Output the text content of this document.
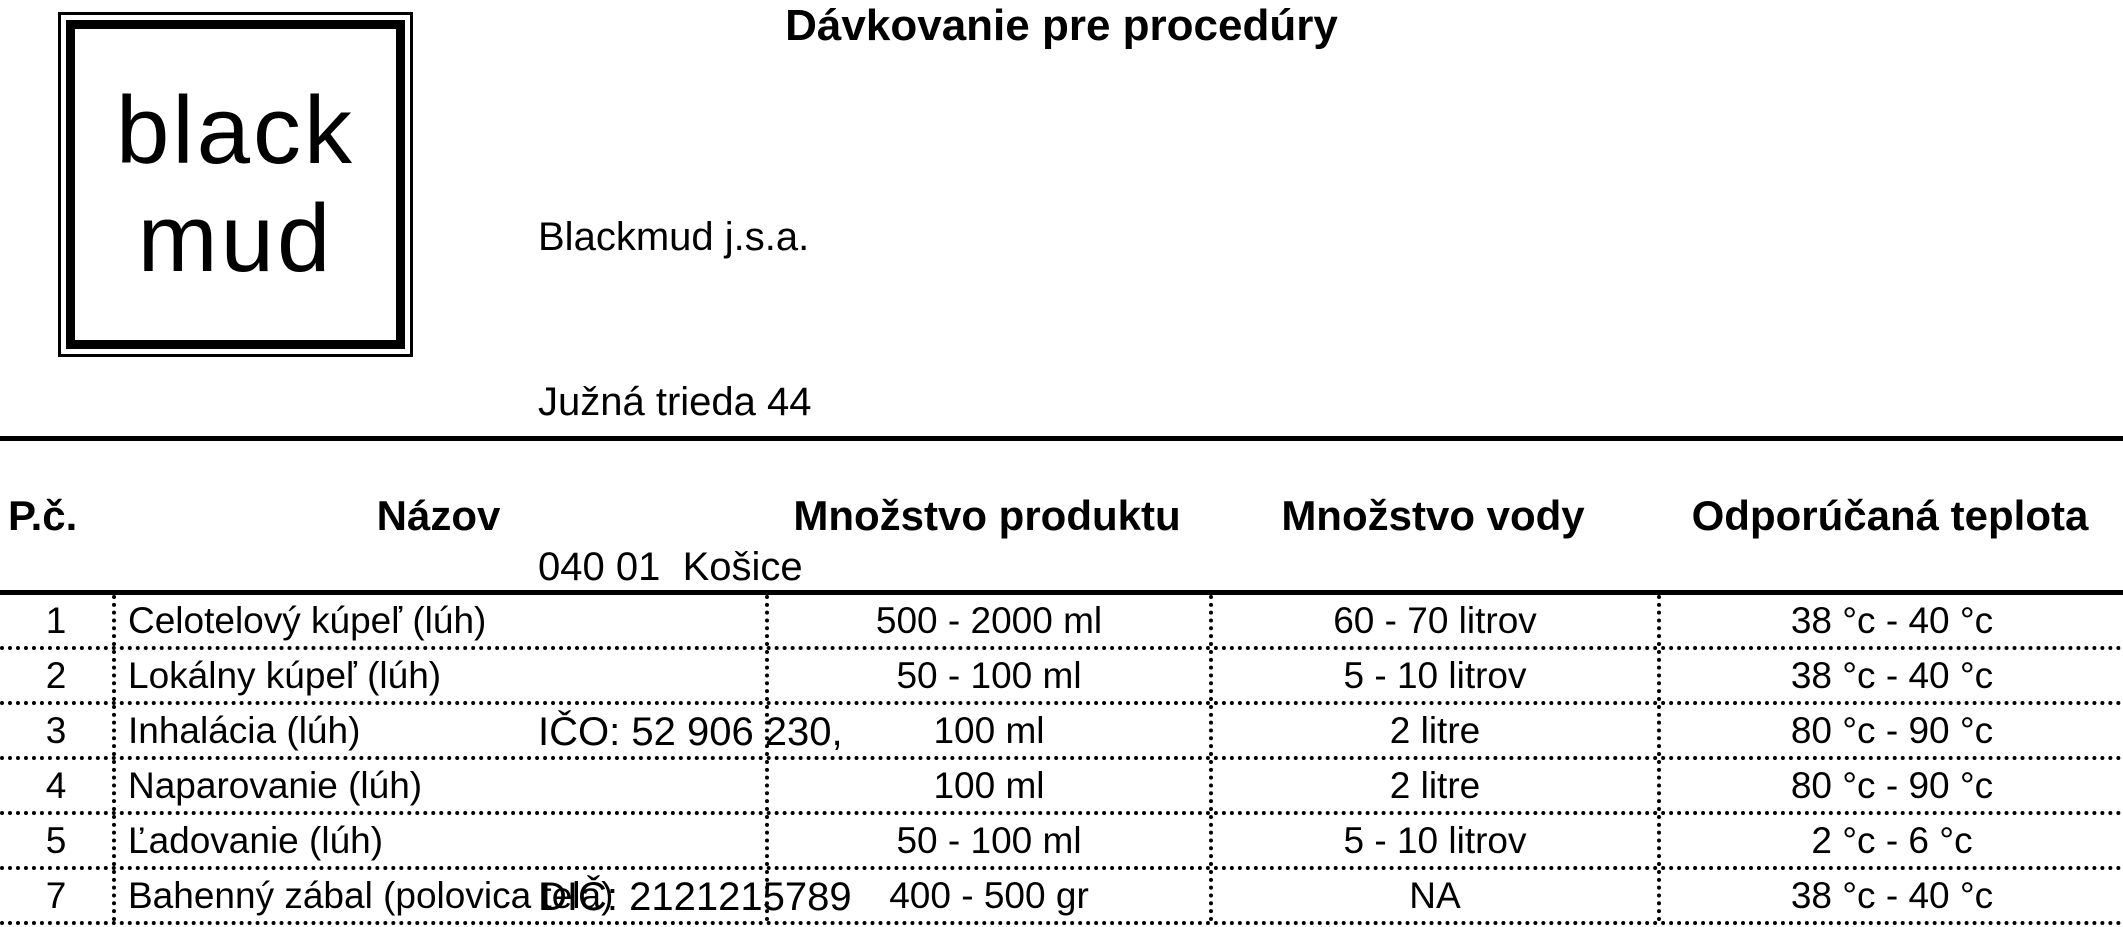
black
mud
Dávkovanie pre procedúry

Blackmud j.s.a.

Južná trieda 44

040 01  Košice

IČO: 52 906 230,

DIČ: 2121215789

P.č.	Názov	Množstvo produktu	Množstvo vody	Odporúčaná teplota
1	Celotelový kúpeľ (lúh)	500 - 2000 ml	60 - 70 litrov	38 °c - 40 °c
2	Lokálny kúpeľ (lúh)	50 - 100 ml	5 - 10 litrov	38 °c - 40 °c
3	Inhalácia (lúh)	100 ml	2 litre	80 °c - 90 °c
4	Naparovanie (lúh)	100 ml	2 litre	80 °c - 90 °c
5	Ľadovanie (lúh)	50 - 100 ml	5 - 10 litrov	2 °c - 6 °c
7	Bahenný zábal (polovica tela)	400 - 500 gr	NA	38 °c - 40 °c
